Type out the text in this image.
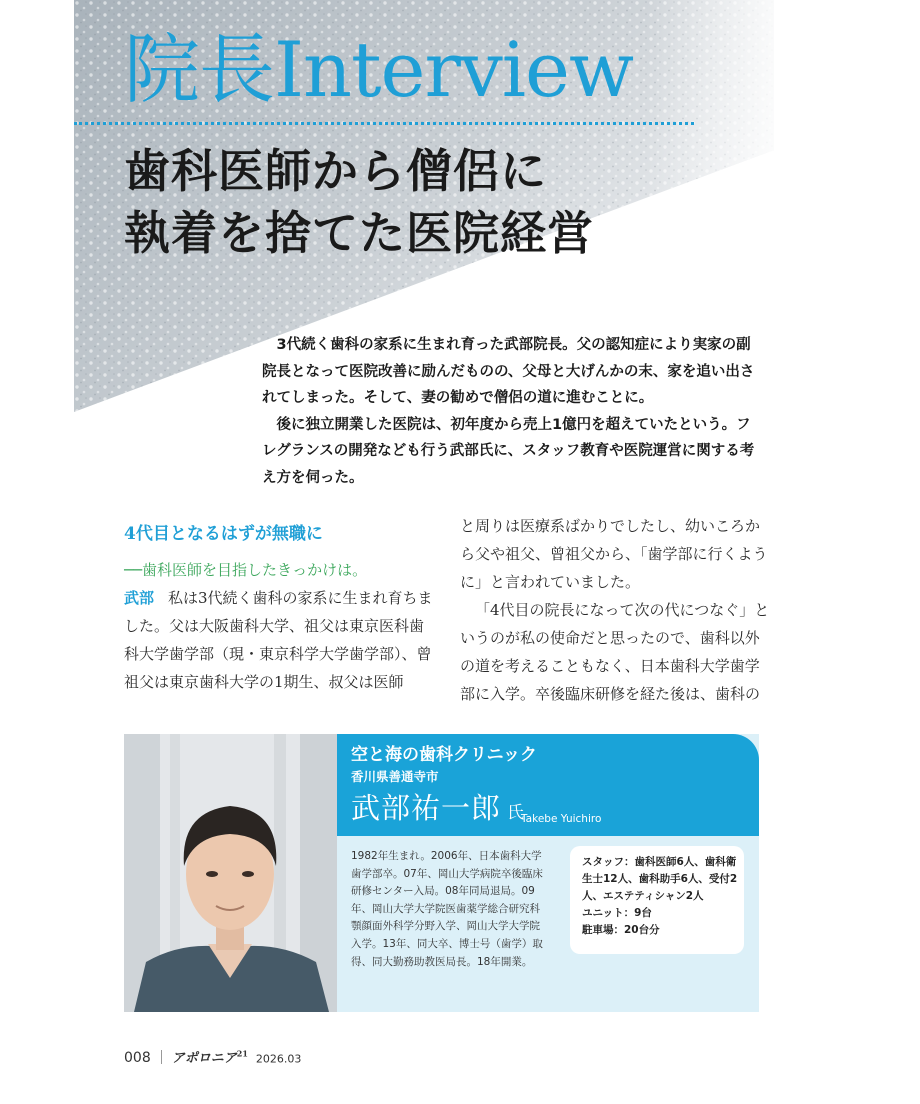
院長Interview
歯科医師から僧侶に
執着を捨てた医院経営

3代続く歯科の家系に生まれ育った武部院長。父の認知症により実家の副院長となって医院改善に励んだものの、父母と大げんかの末、家を追い出されてしまった。そして、妻の勧めで僧侶の道に進むことに。

後に独立開業した医院は、初年度から売上1億円を超えていたという。フレグランスの開発なども行う武部氏に、スタッフ教育や医院運営に関する考え方を伺った。

4代目となるはずが無職に
──歯科医師を目指したきっかけは。

武部 私は3代続く歯科の家系に生まれ育ちました。父は大阪歯科大学、祖父は東京医科歯科大学歯学部（現・東京科学大学歯学部）、曾祖父は東京歯科大学の1期生、叔父は医師

と周りは医療系ばかりでしたし、幼いころから父や祖父、曾祖父から、「歯学部に行くように」と言われていました。

「4代目の院長になって次の代につなぐ」というのが私の使命だと思ったので、歯科以外の道を考えることもなく、日本歯科大学歯学部に入学。卒後臨床研修を経た後は、歯科の

空と海の歯科クリニック
香川県善通寺市
武部祐一郎 氏
Takebe Yuichiro
1982年生まれ。2006年、日本歯科大学歯学部卒。07年、岡山大学病院卒後臨床研修センター入局。08年同局退局。09年、岡山大学大学院医歯薬学総合研究科顎顔面外科学分野入学、岡山大学大学院入学。13年、同大卒、博士号（歯学）取得、同大勤務助教医局長。18年開業。
スタッフ：歯科医師6人、歯科衛生士12人、歯科助手6人、受付2人、エステティシャン2人
ユニット：9台
駐車場：20台分
008 アポロニア$^{21}$ 2026.03
